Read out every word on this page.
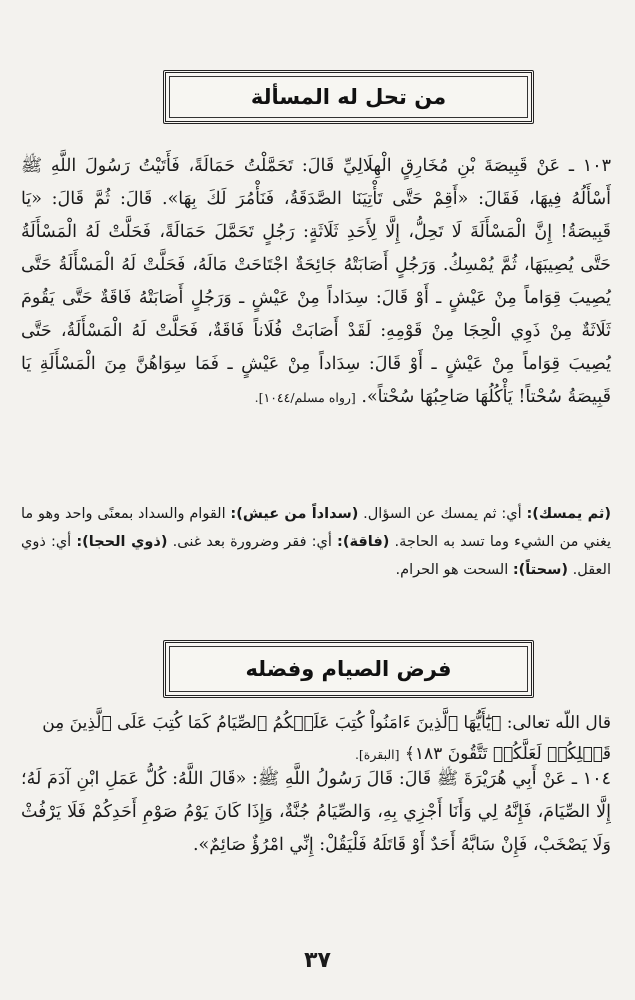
من تحل له المسألة
١٠٣ ـ عَنْ قَبِيصَةَ بْنِ مُخَارِقٍ الْهِلَالِيِّ قَالَ: تَحَمَّلْتُ حَمَالَةً، فَأَتَيْتُ رَسُولَ اللَّهِ ﷺ أَسْأَلُهُ فِيهَا، فَقَالَ: «أَقِمْ حَتَّى تَأْتِيَنَا الصَّدَقَةُ، فَنَأْمُرَ لَكَ بِهَا». قَالَ: ثُمَّ قَالَ: «يَا قَبِيصَةُ! إِنَّ الْمَسْأَلَةَ لَا تَحِلُّ، إِلَّا لِأَحَدِ ثَلَاثَةٍ: رَجُلٍ تَحَمَّلَ حَمَالَةً، فَحَلَّتْ لَهُ الْمَسْأَلَةُ حَتَّى يُصِيبَهَا، ثُمَّ يُمْسِكُ. وَرَجُلٍ أَصَابَتْهُ جَائِحَةٌ اجْتَاحَتْ مَالَهُ، فَحَلَّتْ لَهُ الْمَسْأَلَةُ حَتَّى يُصِيبَ قِوَاماً مِنْ عَيْشٍ ـ أَوْ قَالَ: سِدَاداً مِنْ عَيْشٍ ـ وَرَجُلٍ أَصَابَتْهُ فَاقَةٌ حَتَّى يَقُومَ ثَلَاثَةٌ مِنْ ذَوِي الْحِجَا مِنْ قَوْمِهِ: لَقَدْ أَصَابَتْ فُلَاناً فَاقَةٌ، فَحَلَّتْ لَهُ الْمَسْأَلَةُ، حَتَّى يُصِيبَ قِوَاماً مِنْ عَيْشٍ ـ أَوْ قَالَ: سِدَاداً مِنْ عَيْشٍ ـ فَمَا سِوَاهُنَّ مِنَ الْمَسْأَلَةِ يَا قَبِيصَةُ سُحْتاً! يَأْكُلُهَا صَاحِبُهَا سُحْتاً». [رواه مسلم/١٠٤٤].
(ثم يمسك): أي: ثم يمسك عن السؤال. (سداداً من عيش): القوام والسداد بمعنًى واحد وهو ما يغني من الشيء وما تسد به الحاجة. (فاقة): أي: فقر وضرورة بعد غنى. (ذوي الحجا): أي: ذوي العقل. (سحتاً): السحت هو الحرام.
فرض الصيام وفضله
قال اللّه تعالى: ﴿يَٰٓأَيُّهَا ٱلَّذِينَ ءَامَنُواْ كُتِبَ عَلَيۡكُمُ ٱلصِّيَامُ كَمَا كُتِبَ عَلَى ٱلَّذِينَ مِن قَبۡلِكُمۡ لَعَلَّكُمۡ تَتَّقُونَ ١٨٣﴾ [البقرة].
١٠٤ ـ عَنْ أَبِي هُرَيْرَةَ ﷺ قَالَ: قَالَ رَسُولُ اللَّهِ ﷺ: «قَالَ اللَّهُ: كُلُّ عَمَلِ ابْنِ آدَمَ لَهُ؛ إِلَّا الصِّيَامَ، فَإِنَّهُ لِي وَأَنَا أَجْزِي بِهِ، وَالصِّيَامُ جُنَّةٌ، وَإِذَا كَانَ يَوْمُ صَوْمِ أَحَدِكُمْ فَلَا يَرْفُثْ وَلَا يَصْخَبْ، فَإِنْ سَابَّهُ أَحَدٌ أَوْ قَاتَلَهُ فَلْيَقُلْ: إِنِّي امْرُؤٌ صَائِمٌ».
٣٧
